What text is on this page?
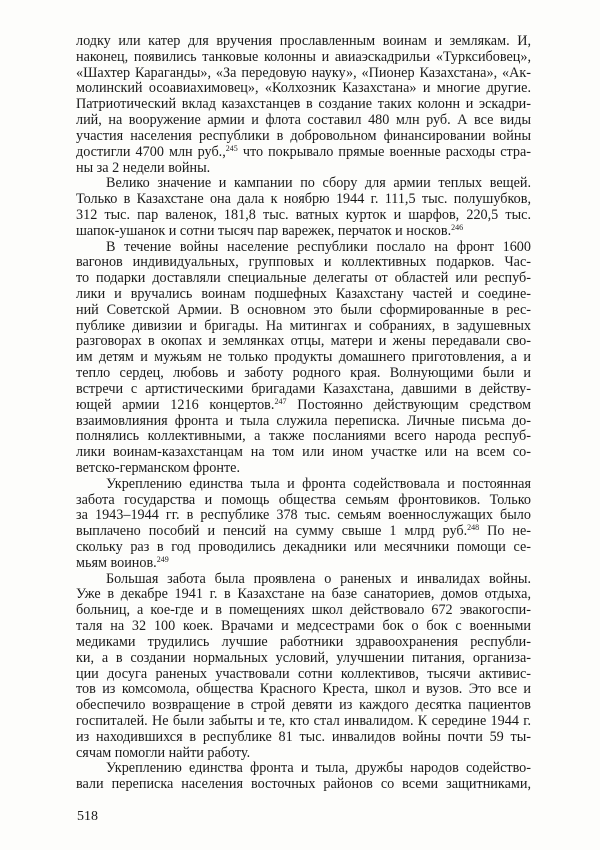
лодку или катер для вручения прославленным воинам и землякам. И,
наконец, появились танковые колонны и авиаэскадрильи «Турксибовец»,
«Шахтер Караганды», «За передовую науку», «Пионер Казахстана», «Ак-
молинский осоавиахимовец», «Колхозник Казахстана» и многие другие.
Патриотический вклад казахстанцев в создание таких колонн и эскадри-
лий, на вооружение армии и флота составил 480 млн руб. А все виды
участия населения республики в добровольном финансировании войны
достигли 4700 млн руб.,$^{245}$ что покрывало прямые военные расходы стра-
ны за 2 недели войны.
Велико значение и кампании по сбору для армии теплых вещей.
Только в Казахстане она дала к ноябрю 1944 г. 111,5 тыс. полушубков,
312 тыс. пар валенок, 181,8 тыс. ватных курток и шарфов, 220,5 тыс.
шапок-ушанок и сотни тысяч пар варежек, перчаток и носков.$^{246}$
В течение войны население республики послало на фронт 1600
вагонов индивидуальных, групповых и коллективных подарков. Час-
то подарки доставляли специальные делегаты от областей или респуб-
лики и вручались воинам подшефных Казахстану частей и соедине-
ний Советской Армии. В основном это были сформированные в рес-
публике дивизии и бригады. На митингах и собраниях, в задушевных
разговорах в окопах и землянках отцы, матери и жены передавали сво-
им детям и мужьям не только продукты домашнего приготовления, а и
тепло сердец, любовь и заботу родного края. Волнующими были и
встречи с артистическими бригадами Казахстана, давшими в действу-
ющей армии 1216 концертов.$^{247}$ Постоянно действующим средством
взаимовлияния фронта и тыла служила переписка. Личные письма до-
полнялись коллективными, а также посланиями всего народа респуб-
лики воинам-казахстанцам на том или ином участке или на всем со-
ветско-германском фронте.
Укреплению единства тыла и фронта содействовала и постоянная
забота государства и помощь общества семьям фронтовиков. Только
за 1943–1944 гг. в республике 378 тыс. семьям военнослужащих было
выплачено пособий и пенсий на сумму свыше 1 млрд руб.$^{248}$ По не-
скольку раз в год проводились декадники или месячники помощи се-
мьям воинов.$^{249}$
Большая забота была проявлена о раненых и инвалидах войны.
Уже в декабре 1941 г. в Казахстане на базе санаториев, домов отдыха,
больниц, а кое-где и в помещениях школ действовало 672 эвакогоспи-
таля на 32 100 коек. Врачами и медсестрами бок о бок с военными
медиками трудились лучшие работники здравоохранения республи-
ки, а в создании нормальных условий, улучшении питания, организа-
ции досуга раненых участвовали сотни коллективов, тысячи активис-
тов из комсомола, общества Красного Креста, школ и вузов. Это все и
обеспечило возвращение в строй девяти из каждого десятка пациентов
госпиталей. Не были забыты и те, кто стал инвалидом. К середине 1944 г.
из находившихся в республике 81 тыс. инвалидов войны почти 59 ты-
сячам помогли найти работу.
Укреплению единства фронта и тыла, дружбы народов содейство-
вали переписка населения восточных районов со всеми защитниками,
518
